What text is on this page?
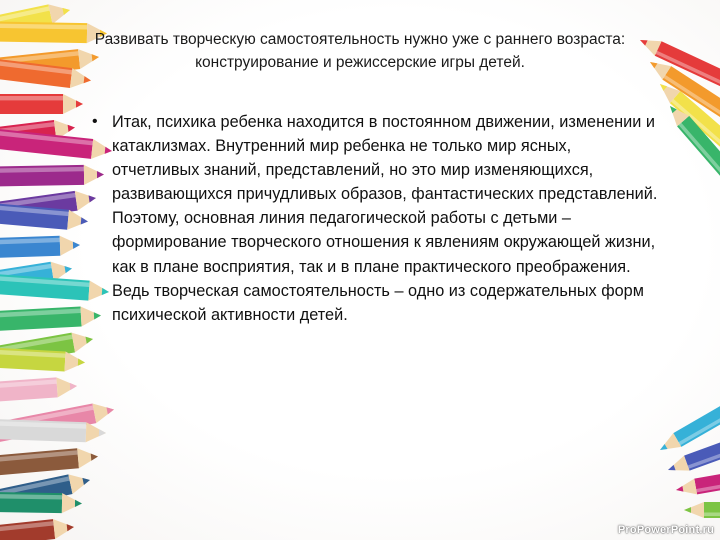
Развивать творческую самостоятельность нужно уже с раннего возраста:
конструирование и режиссерские игры детей.
• Итак, психика ребенка находится в постоянном движении, изменении и катаклизмах. Внутренний мир ребенка не только мир ясных, отчетливых знаний, представлений, но это мир изменяющихся, развивающихся причудливых образов, фантастических представлений. Поэтому, основная линия педагогической работы с детьми – формирование творческого отношения к явлениям окружающей жизни, как в плане восприятия, так и в плане практического преображения. Ведь творческая самостоятельность – одно из содержательных форм психической активности детей.
ProPowerPoint.ru
